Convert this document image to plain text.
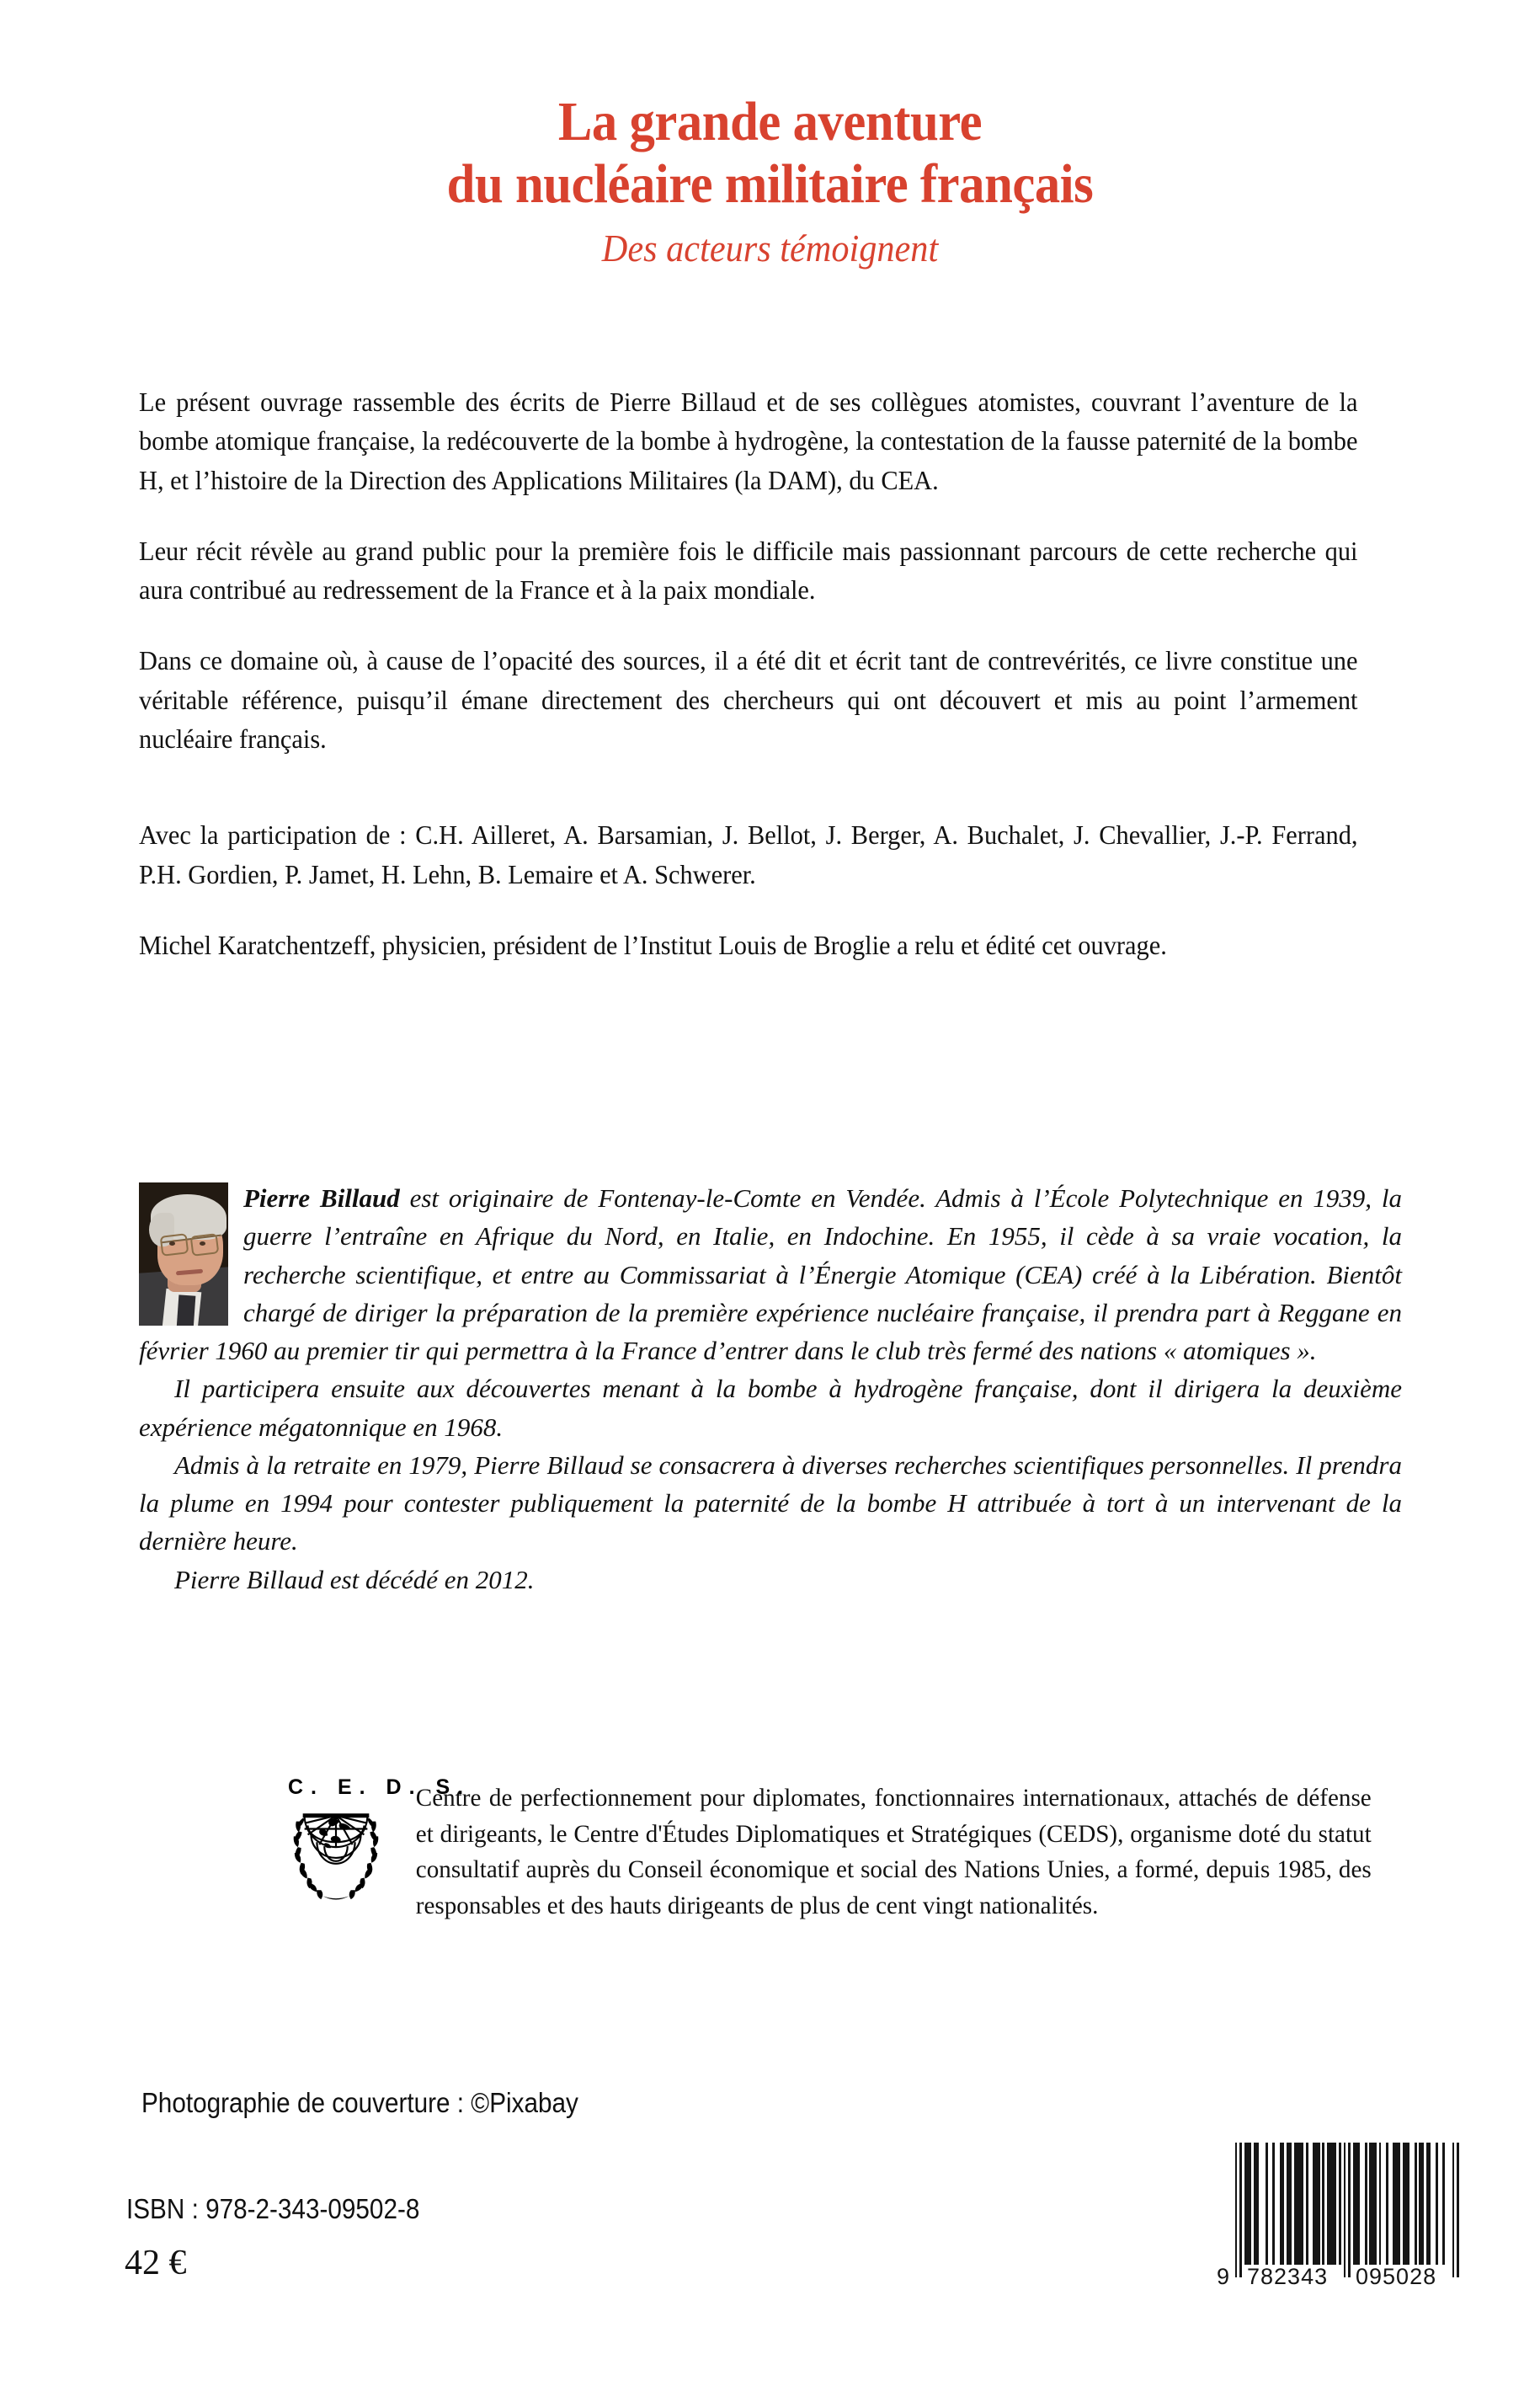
La grande aventure
du nucléaire militaire français
Des acteurs témoignent

Le présent ouvrage rassemble des écrits de Pierre Billaud et de ses collègues atomistes, couvrant l’aventure de la bombe atomique française, la redécouverte de la bombe à hydrogène, la contestation de la fausse paternité de la bombe H, et l’histoire de la Direction des Applications Militaires (la DAM), du CEA.

Leur récit révèle au grand public pour la première fois le difficile mais passionnant parcours de cette recherche qui aura contribué au redressement de la France et à la paix mondiale.

Dans ce domaine où, à cause de l’opacité des sources, il a été dit et écrit tant de contrevérités, ce livre constitue une véritable référence, puisqu’il émane directement des chercheurs qui ont découvert et mis au point l’armement nucléaire français.

Avec la participation de : C.H. Ailleret, A. Barsamian, J. Bellot, J. Berger, A. Buchalet, J. Chevallier, J.-P. Ferrand, P.H. Gordien, P. Jamet, H. Lehn, B. Lemaire et A. Schwerer.

Michel Karatchentzeff, physicien, président de l’Institut Louis de Broglie a relu et édité cet ouvrage.

Pierre Billaud est originaire de Fontenay-le-Comte en Vendée. Admis à l’École Polytechnique en 1939, la guerre l’entraîne en Afrique du Nord, en Italie, en Indochine. En 1955, il cède à sa vraie vocation, la recherche scientifique, et entre au Commissariat à l’Énergie Atomique (CEA) créé à la Libération. Bientôt chargé de diriger la préparation de la première expérience nucléaire française, il prendra part à Reggane en février 1960 au premier tir qui permettra à la France d’entrer dans le club très fermé des nations « atomiques ».

Il participera ensuite aux découvertes menant à la bombe à hydrogène française, dont il dirigera la deuxième expérience mégatonnique en 1968.

Admis à la retraite en 1979, Pierre Billaud se consacrera à diverses recherches scientifiques personnelles. Il prendra la plume en 1994 pour contester publiquement la paternité de la bombe H attribuée à tort à un intervenant de la dernière heure.

Pierre Billaud est décédé en 2012.

C. E. D. S.
Centre de perfectionnement pour diplomates, fonctionnaires internationaux, attachés de défense et dirigeants, le Centre d'Études Diplomatiques et Stratégiques (CEDS), organisme doté du statut consultatif auprès du Conseil économique et social des Nations Unies, a formé, depuis 1985, des responsables et des hauts dirigeants de plus de cent vingt nationalités.
Photographie de couverture : ©Pixabay
ISBN : 978-2-343-09502-8
42 €	9 782343 095028
